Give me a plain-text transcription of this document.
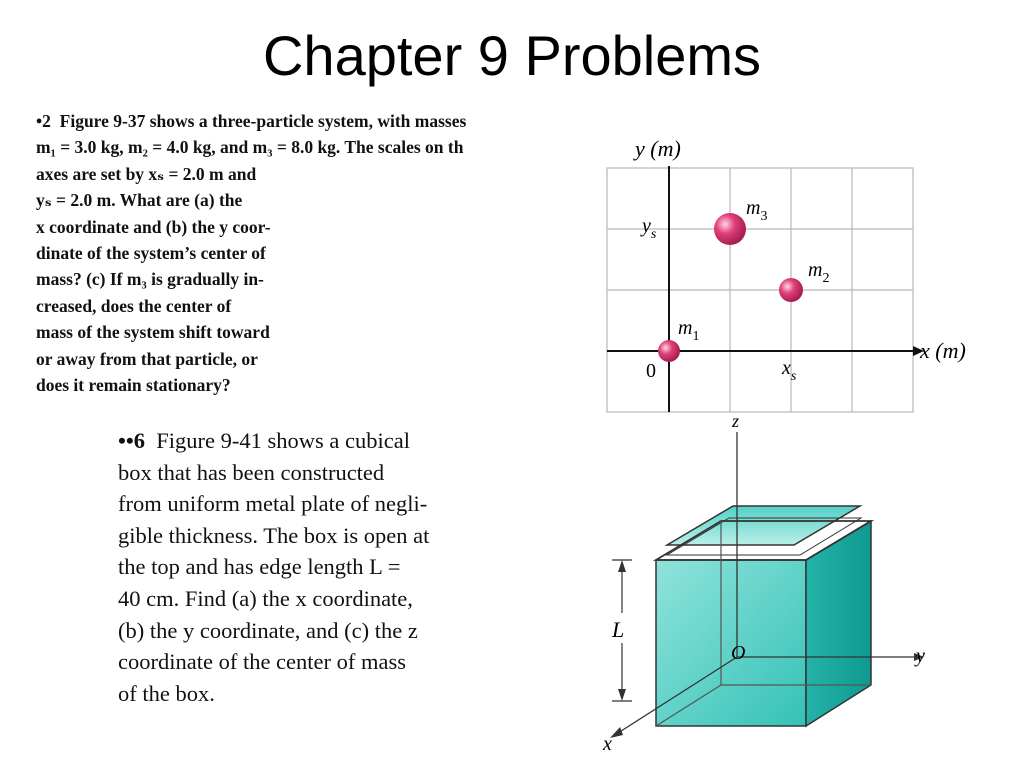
Chapter 9 Problems
•2 Figure 9-37 shows a three-particle system, with masses
m₁ = 3.0 kg, m₂ = 4.0 kg, and m₃ = 8.0 kg. The scales on th
axes are set by xₛ = 2.0 m and
yₛ = 2.0 m. What are (a) the
x coordinate and (b) the y coor-
dinate of the system’s center of
mass? (c) If m₃ is gradually in-
creased, does the center of
mass of the system shift toward
or away from that particle, or
does it remain stationary?
••6 Figure 9-41 shows a cubical
box that has been constructed
from uniform metal plate of negli-
gible thickness. The box is open at
the top and has edge length L =
40 cm. Find (a) the x coordinate,
(b) the y coordinate, and (c) the z
coordinate of the center of mass
of the box.
y (m)
x (m)
0	$x_s$
$y_s$
$m_1$
$m_2$
$m_3$
z
y
x
O
L
